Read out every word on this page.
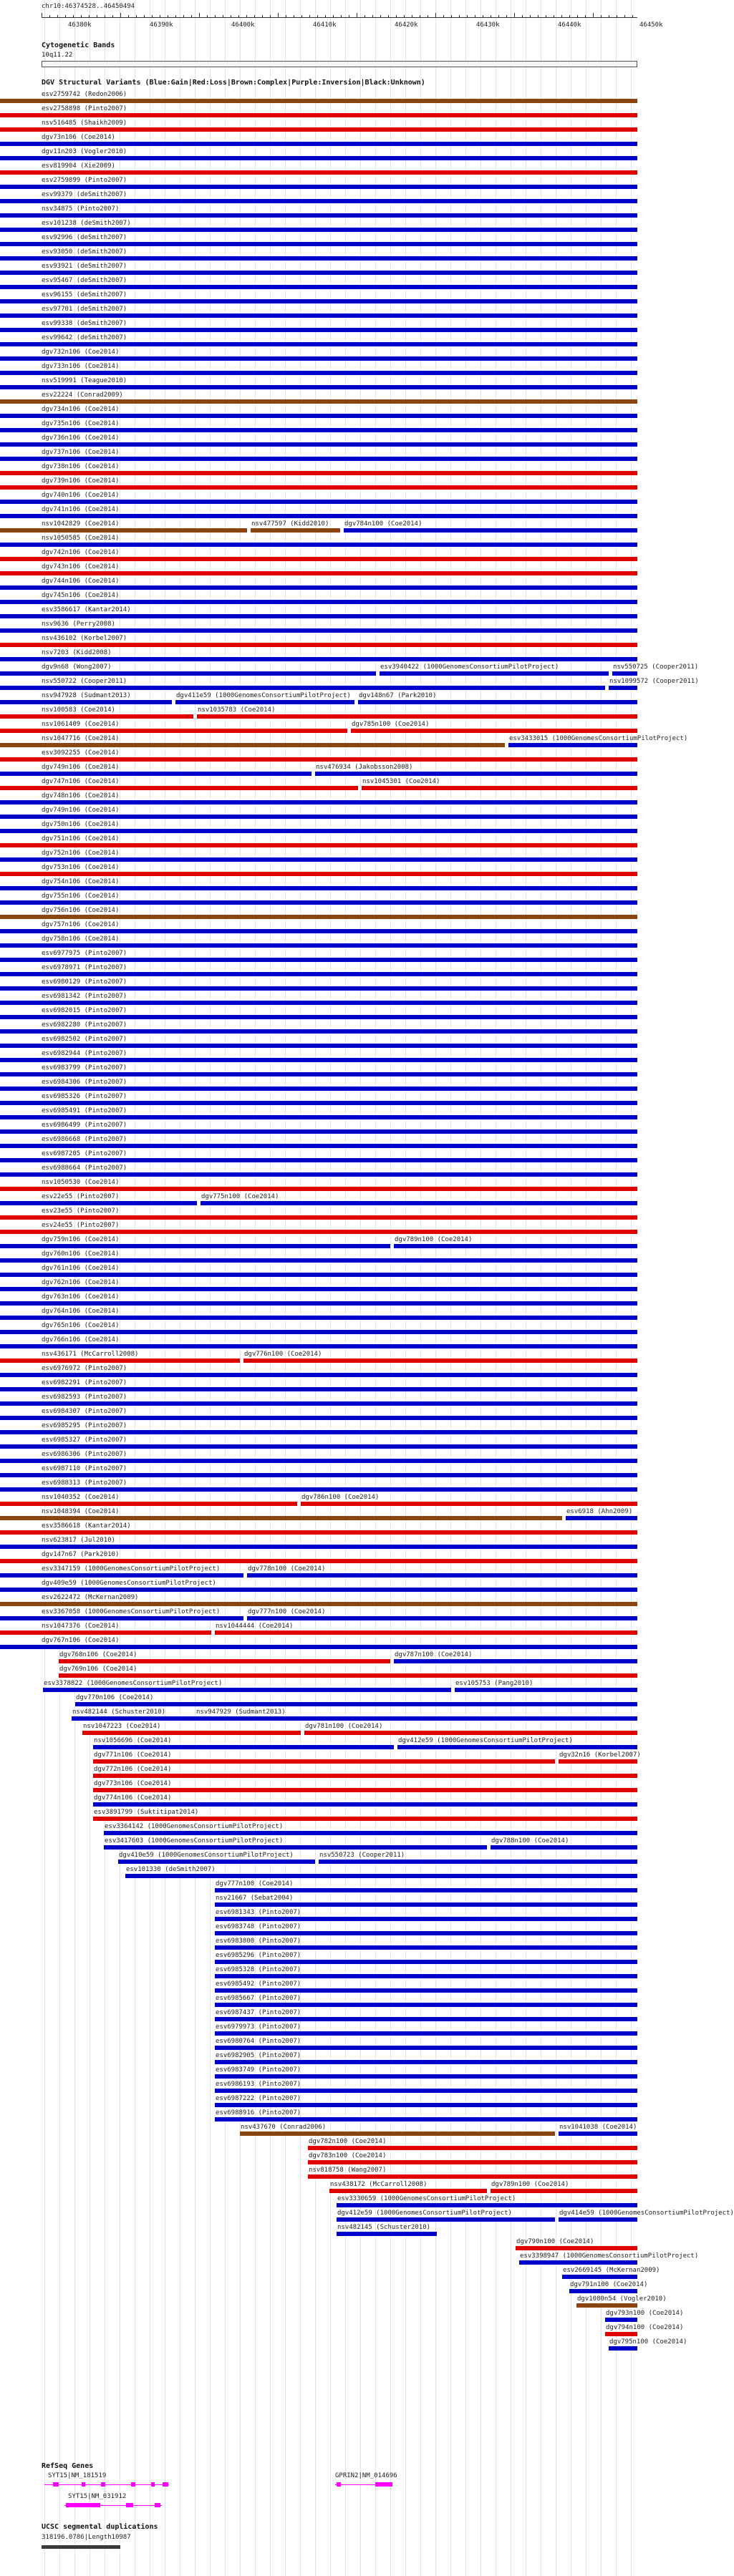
chr10:46374528..46450494
46380k	46390k	46400k	46410k	46420k	46430k	46440k	46450k
Cytogenetic Bands
10q11.22
DGV Structural Variants (Blue:Gain|Red:Loss|Brown:Complex|Purple:Inversion|Black:Unknown)
esv2759742 (Redon2006)
esv2758898 (Pinto2007)
nsv516485 (Shaikh2009)
dgv73n106 (Coe2014)
dgv11n203 (Vogler2010)
esv819904 (Xie2009)
esv2759899 (Pinto2007)
esv99379 (deSmith2007)
nsv34875 (Pinto2007)
esv101238 (deSmith2007)
esv92996 (deSmith2007)
esv93050 (deSmith2007)
esv93921 (deSmith2007)
esv95467 (deSmith2007)
esv96155 (deSmith2007)
esv97701 (deSmith2007)
esv99338 (deSmith2007)
esv99642 (deSmith2007)
dgv732n106 (Coe2014)
dgv733n106 (Coe2014)
nsv519991 (Teague2010)
esv22224 (Conrad2009)
dgv734n106 (Coe2014)
dgv735n106 (Coe2014)
dgv736n106 (Coe2014)
dgv737n106 (Coe2014)
dgv738n106 (Coe2014)
dgv739n106 (Coe2014)
dgv740n106 (Coe2014)
dgv741n106 (Coe2014)
nsv1042829 (Coe2014)	nsv477597 (Kidd2010) dgv784n100 (Coe2014)
nsv1050585 (Coe2014)
dgv742n106 (Coe2014)
dgv743n106 (Coe2014)
dgv744n106 (Coe2014)
dgv745n106 (Coe2014)
esv3586617 (Kantar2014)
nsv9636 (Perry2008)
nsv436102 (Korbel2007)
nsv7203 (Kidd2008)
dgv9n68 (Wong2007)	esv3940422 (1000GenomesConsortiumPilotProject)	nsv550725 (Cooper2011)
nsv550722 (Cooper2011)	nsv1099572 (Cooper2011)
nsv947928 (Sudmant2013)	dgv411e59 (1000GenomesConsortiumPilotProject) dgv148n67 (Park2010)
nsv100583 (Coe2014)	nsv1035783 (Coe2014)
nsv1061409 (Coe2014)	dgv785n100 (Coe2014)
nsv1047716 (Coe2014)	esv3433015 (1000GenomesConsortiumPilotProject)
esv3092255 (Coe2014)
dgv749n106 (Coe2014)	nsv476934 (Jakobsson2008)
dgv747n106 (Coe2014)	nsv1045301 (Coe2014)
dgv748n106 (Coe2014)
dgv749n106 (Coe2014)
dgv750n106 (Coe2014)
dgv751n106 (Coe2014)
dgv752n106 (Coe2014)
dgv753n106 (Coe2014)
dgv754n106 (Coe2014)
dgv755n106 (Coe2014)
dgv756n106 (Coe2014)
dgv757n106 (Coe2014)
dgv758n106 (Coe2014)
esv6977975 (Pinto2007)
esv6978971 (Pinto2007)
esv6980129 (Pinto2007)
esv6981342 (Pinto2007)
esv6982015 (Pinto2007)
esv6982280 (Pinto2007)
esv6982502 (Pinto2007)
esv6982944 (Pinto2007)
esv6983799 (Pinto2007)
esv6984306 (Pinto2007)
esv6985326 (Pinto2007)
esv6985491 (Pinto2007)
esv6986499 (Pinto2007)
esv6986668 (Pinto2007)
esv6987205 (Pinto2007)
esv6988664 (Pinto2007)
nsv1050530 (Coe2014)
esv22e55 (Pinto2007)	dgv775n100 (Coe2014)
esv23e55 (Pinto2007)
esv24e55 (Pinto2007)
dgv759n106 (Coe2014)	dgv789n100 (Coe2014)
dgv760n106 (Coe2014)
dgv761n106 (Coe2014)
dgv762n106 (Coe2014)
dgv763n106 (Coe2014)
dgv764n106 (Coe2014)
dgv765n106 (Coe2014)
dgv766n106 (Coe2014)
nsv436171 (McCarroll2008)	dgv776n100 (Coe2014)
esv6976972 (Pinto2007)
esv6982291 (Pinto2007)
esv6982593 (Pinto2007)
esv6984307 (Pinto2007)
esv6985295 (Pinto2007)
esv6985327 (Pinto2007)
esv6986306 (Pinto2007)
esv6987110 (Pinto2007)
esv6988313 (Pinto2007)
nsv1040352 (Coe2014)	dgv786n100 (Coe2014)
nsv1048394 (Coe2014)	esv6918 (Ahn2009)
esv3586618 (Kantar2014)
nsv623817 (Jul2010)
dgv147n67 (Park2010)
esv3347159 (1000GenomesConsortiumPilotProject)	dgv778n100 (Coe2014)
dgv409e59 (1000GenomesConsortiumPilotProject)
esv2622472 (McKernan2009)
esv3367058 (1000GenomesConsortiumPilotProject)	dgv777n100 (Coe2014)
nsv1047376 (Coe2014)	nsv1044444 (Coe2014)
dgv767n106 (Coe2014)
dgv768n106 (Coe2014)	dgv787n100 (Coe2014)
dgv769n106 (Coe2014)
esv3378822 (1000GenomesConsortiumPilotProject)	esv105753 (Pang2010)
dgv770n106 (Coe2014)
nsv482144 (Schuster2010)	nsv947929 (Sudmant2013)
nsv1047223 (Coe2014)	dgv781n100 (Coe2014)
nsv1056696 (Coe2014)	dgv412e59 (1000GenomesConsortiumPilotProject)
dgv771n106 (Coe2014)	dgv32n16 (Korbel2007)
dgv772n106 (Coe2014)
dgv773n106 (Coe2014)
dgv774n106 (Coe2014)
esv3891799 (Suktitipat2014)
esv3364142 (1000GenomesConsortiumPilotProject)
esv3417603 (1000GenomesConsortiumPilotProject)	dgv788n100 (Coe2014)
dgv410e59 (1000GenomesConsortiumPilotProject)	nsv550723 (Cooper2011)
esv101330 (deSmith2007)
dgv777n100 (Coe2014)
nsv21667 (Sebat2004)
esv6981343 (Pinto2007)
esv6983748 (Pinto2007)
esv6983800 (Pinto2007)
esv6985296 (Pinto2007)
esv6985328 (Pinto2007)
esv6985492 (Pinto2007)
esv6985667 (Pinto2007)
esv6987437 (Pinto2007)
esv6979973 (Pinto2007)
esv6980764 (Pinto2007)
esv6982905 (Pinto2007)
esv6983749 (Pinto2007)
esv6986193 (Pinto2007)
esv6987222 (Pinto2007)
esv6988916 (Pinto2007)
nsv437670 (Conrad2006)	nsv1041038 (Coe2014)
dgv782n100 (Coe2014)
dgv783n100 (Coe2014)
nsv818758 (Wang2007)
nsv438172 (McCarroll2008)	dgv789n100 (Coe2014)
esv3330659 (1000GenomesConsortiumPilotProject)
dgv412e59 (1000GenomesConsortiumPilotProject)	dgv414e59 (1000GenomesConsortiumPilotProject)
nsv482145 (Schuster2010)
dgv790n100 (Coe2014)
esv3398947 (1000GenomesConsortiumPilotProject)
esv2669145 (McKernan2009)
dgv791n100 (Coe2014)
dgv1080n54 (Vogler2010)
dgv793n100 (Coe2014)
dgv794n100 (Coe2014)
dgv795n100 (Coe2014)
RefSeq Genes
SYT15|NM_181519
SYT15|NM_031912
GPRIN2|NM_014696
UCSC segmental duplications
318196.0786|Length10987
